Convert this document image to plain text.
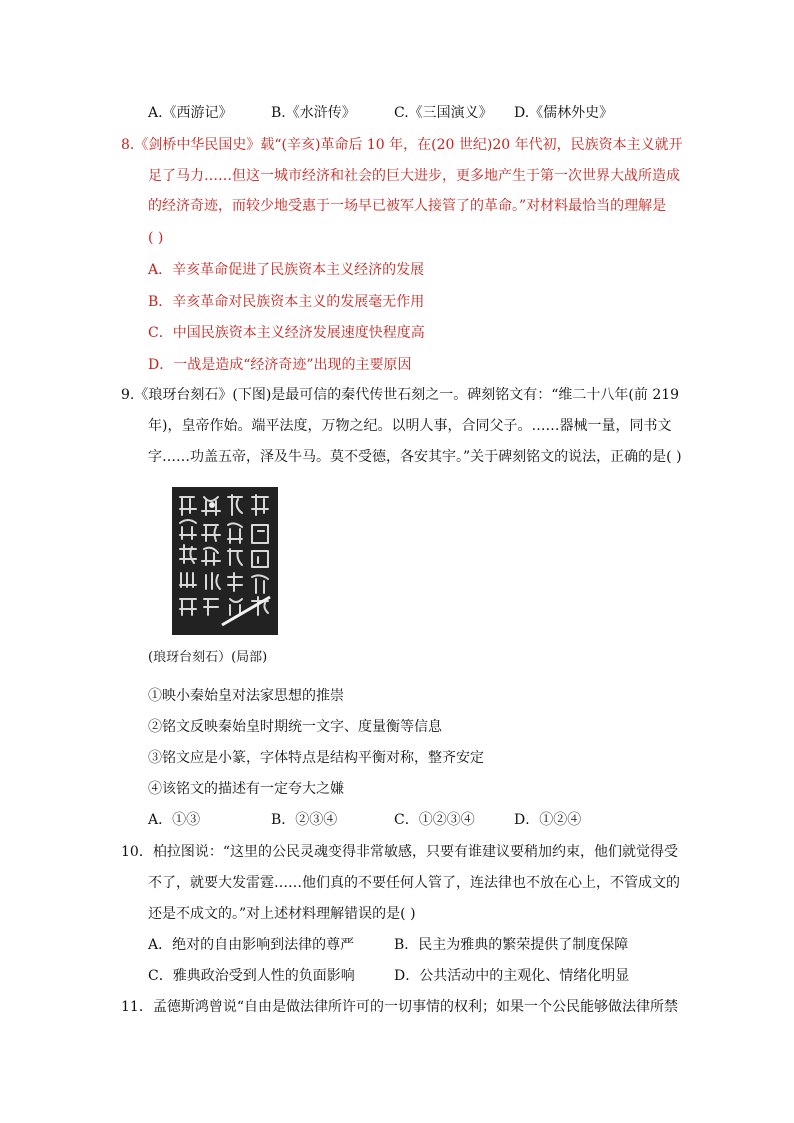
A.《西游记》	B.《水浒传》	C.《三国演义》 D.《儒林外史》
8.《剑桥中华民国史》载“(辛亥)革命后 10 年，在(20 世纪)20 年代初，民族资本主义就开
足了马力……但这一城市经济和社会的巨大进步，更多地产生于第一次世界大战所造成
的经济奇迹，而较少地受惠于一场早已被军人接管了的革命。”对材料最恰当的理解是
( )
A．辛亥革命促进了民族资本主义经济的发展
B．辛亥革命对民族资本主义的发展毫无作用
C．中国民族资本主义经济发展速度快程度高
D．一战是造成“经济奇迹”出现的主要原因
9.《琅玡台刻石》(下图)是最可信的秦代传世石刻之一。碑刻铭文有：“维二十八年(前 219
年)，皇帝作始。端平法度，万物之纪。以明人事，合同父子。……器械一量，同书文
字……功盖五帝，泽及牛马。莫不受德，各安其宇。”关于碑刻铭文的说法，正确的是( )
(琅玡台刻石）(局部)
①映小秦始皇对法家思想的推崇
②铭文反映秦始皇时期统一文字、度量衡等信息
③铭文应是小篆，字体特点是结构平衡对称，整齐安定
④该铭文的描述有一定夸大之嫌
A．①③	B．②③④	C．①②③④	D．①②④
10．柏拉图说：“这里的公民灵魂变得非常敏感，只要有谁建议要稍加约束，他们就觉得受
不了，就要大发雷霆……他们真的不要任何人管了，连法律也不放在心上，不管成文的
还是不成文的。”对上述材料理解错误的是( )
A．绝对的自由影响到法律的尊严	B．民主为雅典的繁荣提供了制度保障
C．雅典政治受到人性的负面影响	D．公共活动中的主观化、情绪化明显
11．孟德斯鸿曾说“自由是做法律所许可的一切事情的权利；如果一个公民能够做法律所禁
